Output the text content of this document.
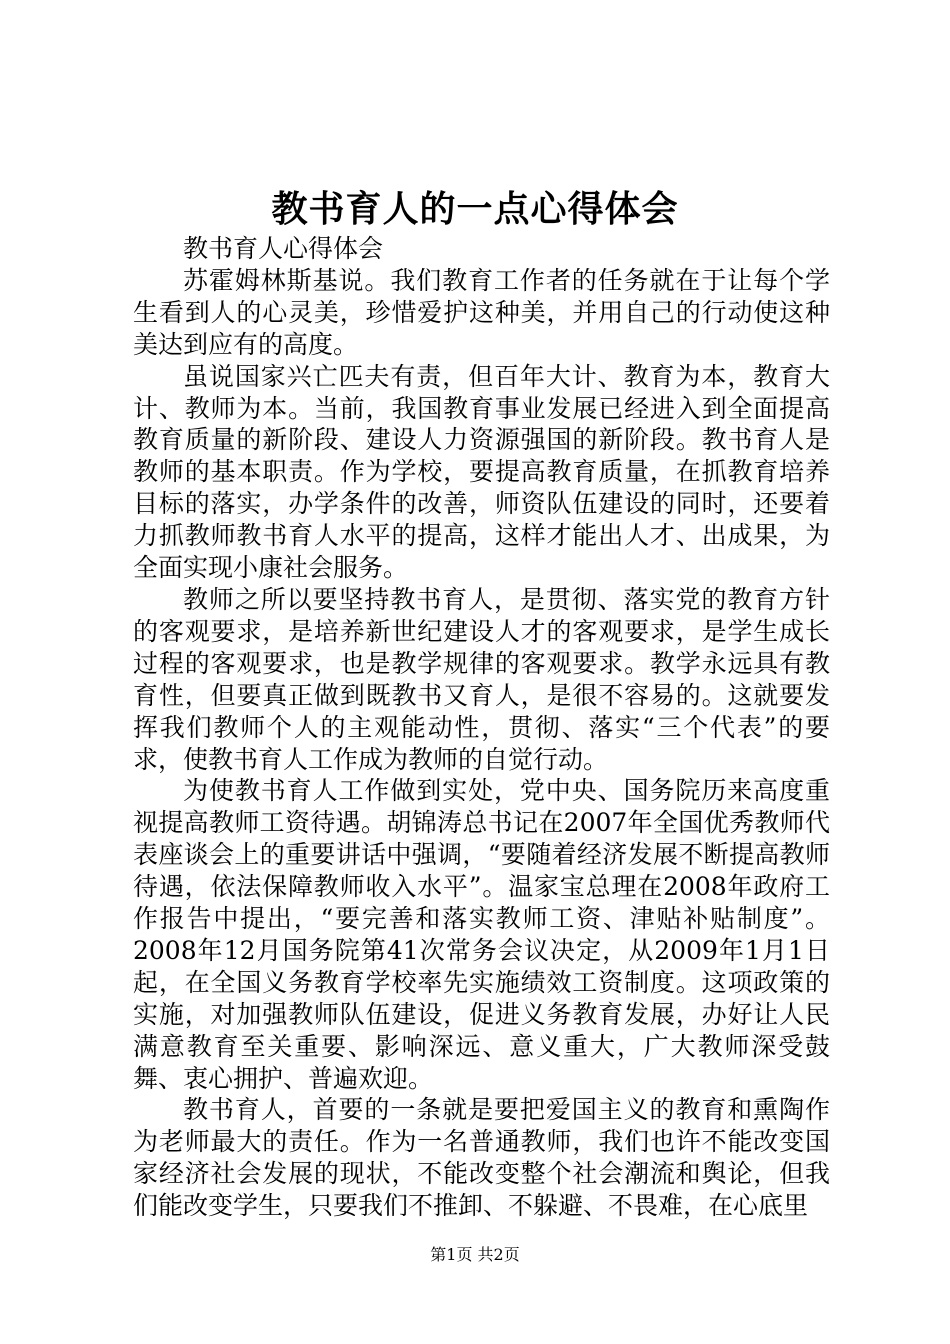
教书育人的一点心得体会

教书育人心得体会

苏霍姆林斯基说。我们教育工作者的任务就在于让每个学生看到人的心灵美，珍惜爱护这种美，并用自己的行动使这种美达到应有的高度。

虽说国家兴亡匹夫有责，但百年大计、教育为本，教育大计、教师为本。当前，我国教育事业发展已经进入到全面提高教育质量的新阶段、建设人力资源强国的新阶段。教书育人是教师的基本职责。作为学校，要提高教育质量，在抓教育培养目标的落实，办学条件的改善，师资队伍建设的同时，还要着力抓教师教书育人水平的提高，这样才能出人才、出成果，为全面实现小康社会服务。

教师之所以要坚持教书育人，是贯彻、落实党的教育方针的客观要求，是培养新世纪建设人才的客观要求，是学生成长过程的客观要求，也是教学规律的客观要求。教学永远具有教育性，但要真正做到既教书又育人，是很不容易的。这就要发挥我们教师个人的主观能动性，贯彻、落实“三个代表”的要求，使教书育人工作成为教师的自觉行动。

为使教书育人工作做到实处，党中央、国务院历来高度重视提高教师工资待遇。胡锦涛总书记在2007年全国优秀教师代表座谈会上的重要讲话中强调，“要随着经济发展不断提高教师待遇，依法保障教师收入水平”。温家宝总理在2008年政府工作报告中提出，“要完善和落实教师工资、津贴补贴制度”。2008年12月国务院第41次常务会议决定，从2009年1月1日起，在全国义务教育学校率先实施绩效工资制度。这项政策的实施，对加强教师队伍建设，促进义务教育发展，办好让人民满意教育至关重要、影响深远、意义重大，广大教师深受鼓舞、衷心拥护、普遍欢迎。

教书育人，首要的一条就是要把爱国主义的教育和熏陶作为老师最大的责任。作为一名普通教师，我们也许不能改变国家经济社会发展的现状，不能改变整个社会潮流和舆论，但我们能改变学生，只要我们不推卸、不躲避、不畏难，在心底里

第1页 共2页
